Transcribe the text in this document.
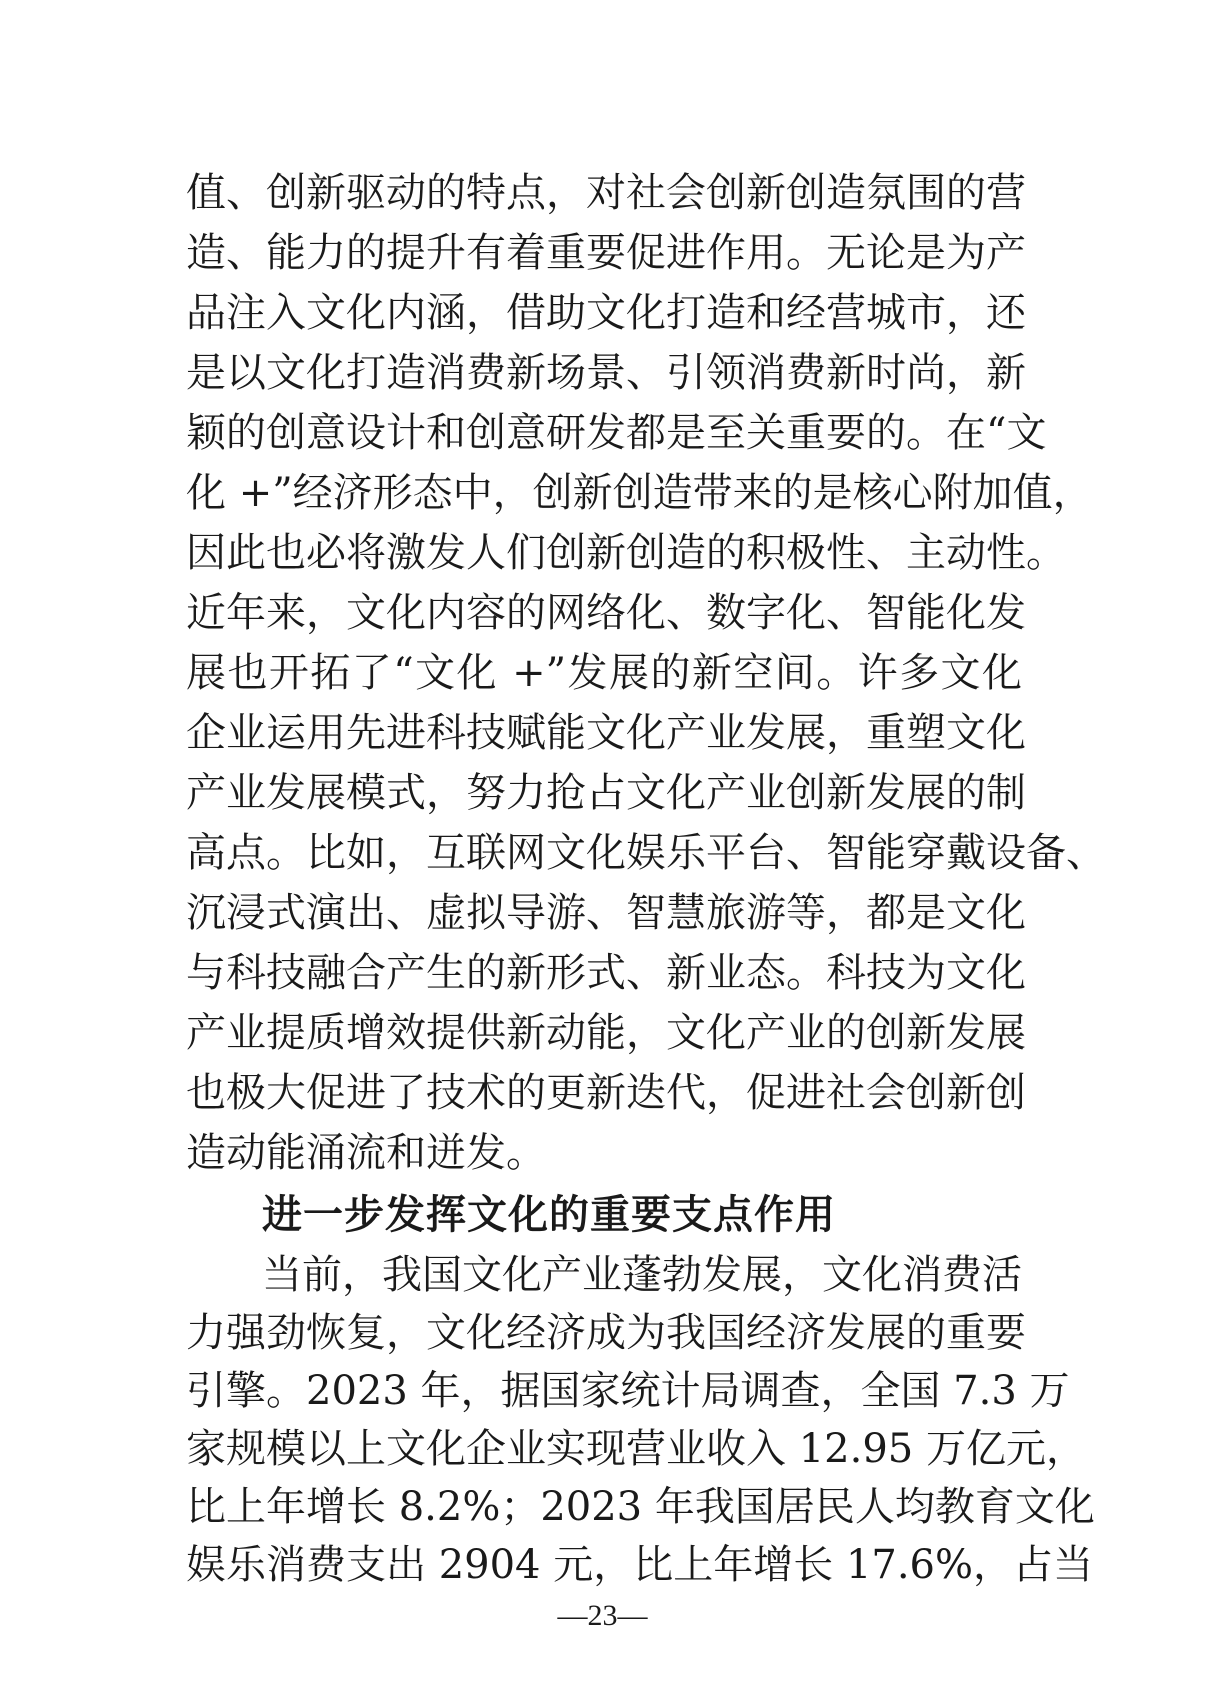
值、创新驱动的特点，对社会创新创造氛围的营
造、能力的提升有着重要促进作用。无论是为产
品注入文化内涵，借助文化打造和经营城市，还
是以文化打造消费新场景、引领消费新时尚，新
颖的创意设计和创意研发都是至关重要的。在“文
化 +”经济形态中，创新创造带来的是核心附加值，
因此也必将激发人们创新创造的积极性、主动性。
近年来，文化内容的网络化、数字化、智能化发
展也开拓了“文化 +”发展的新空间。许多文化
企业运用先进科技赋能文化产业发展，重塑文化
产业发展模式，努力抢占文化产业创新发展的制
高点。比如，互联网文化娱乐平台、智能穿戴设备、
沉浸式演出、虚拟导游、智慧旅游等，都是文化
与科技融合产生的新形式、新业态。科技为文化
产业提质增效提供新动能，文化产业的创新发展
也极大促进了技术的更新迭代，促进社会创新创
造动能涌流和迸发。
进一步发挥文化的重要支点作用
当前，我国文化产业蓬勃发展，文化消费活
力强劲恢复，文化经济成为我国经济发展的重要
引擎。2023 年，据国家统计局调查，全国 7.3 万
家规模以上文化企业实现营业收入 12.95 万亿元，
比上年增长 8.2%；2023 年我国居民人均教育文化
娱乐消费支出 2904 元，比上年增长 17.6%，占当
—23—
